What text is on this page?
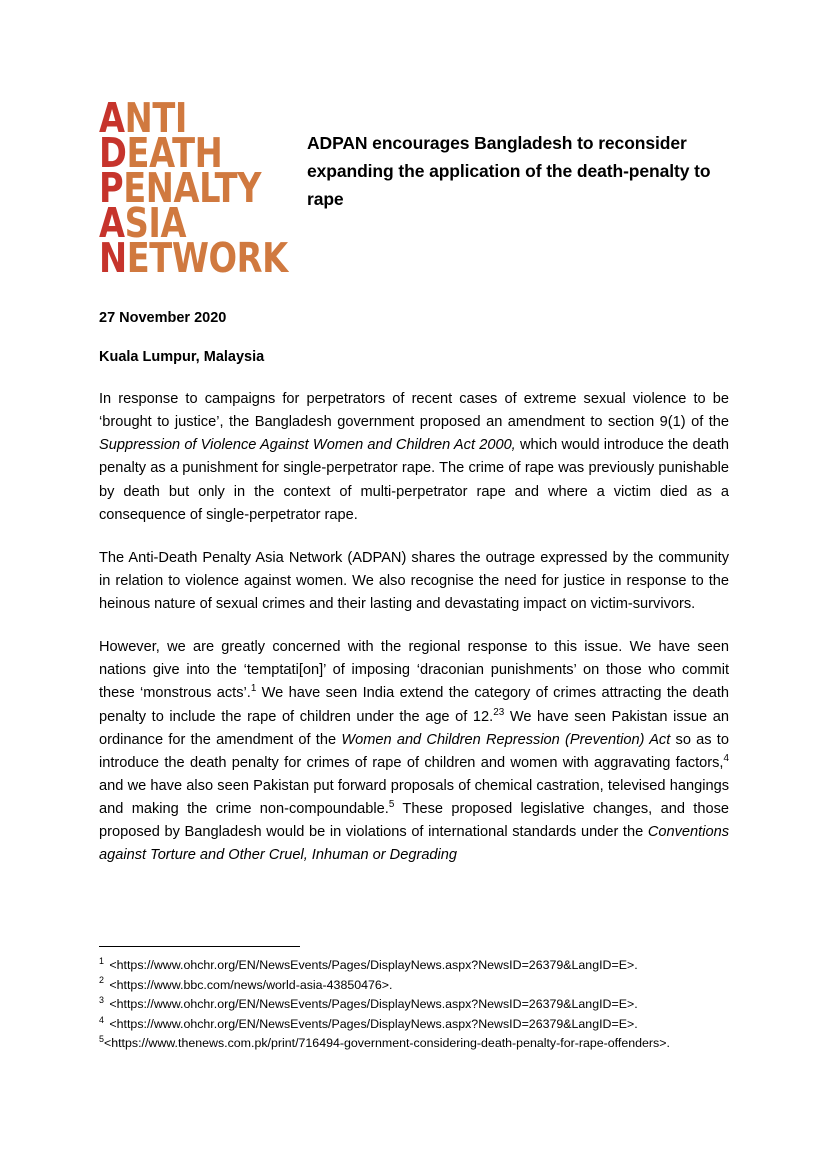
A NTI
D EATH
P ENALTY
A SIA
N ETWORK
ADPAN encourages Bangladesh to reconsider expanding the application of the death-penalty to rape
27 November 2020
Kuala Lumpur, Malaysia

In response to campaigns for perpetrators of recent cases of extreme sexual violence to be ‘brought to justice’, the Bangladesh government proposed an amendment to section 9(1) of the Suppression of Violence Against Women and Children Act 2000, which would introduce the death penalty as a punishment for single-perpetrator rape. The crime of rape was previously punishable by death but only in the context of multi-perpetrator rape and where a victim died as a consequence of single-perpetrator rape.

The Anti-Death Penalty Asia Network (ADPAN) shares the outrage expressed by the community in relation to violence against women. We also recognise the need for justice in response to the heinous nature of sexual crimes and their lasting and devastating impact on victim-survivors.

However, we are greatly concerned with the regional response to this issue. We have seen nations give into the ‘temptati[on]’ of imposing ‘draconian punishments’ on those who commit these ‘monstrous acts’.$^1$ We have seen India extend the category of crimes attracting the death penalty to include the rape of children under the age of 12.23 We have seen Pakistan issue an ordinance for the amendment of the Women and Children Repression (Prevention) Act so as to introduce the death penalty for crimes of rape of children and women with aggravating factors,$^4$ and we have also seen Pakistan put forward proposals of chemical castration, televised hangings and making the crime non-compoundable.$^5$ These proposed legislative changes, and those proposed by Bangladesh would be in violations of international standards under the Conventions against Torture and Other Cruel, Inhuman or Degrading

$^1$ <https://www.ohchr.org/EN/NewsEvents/Pages/DisplayNews.aspx?NewsID=26379&LangID=E>.
$^2$ <https://www.bbc.com/news/world-asia-43850476>.
$^3$ <https://www.ohchr.org/EN/NewsEvents/Pages/DisplayNews.aspx?NewsID=26379&LangID=E>.
$^4$ <https://www.ohchr.org/EN/NewsEvents/Pages/DisplayNews.aspx?NewsID=26379&LangID=E>.
$^5$<https://www.thenews.com.pk/print/716494-government-considering-death-penalty-for-rape-offenders>.
